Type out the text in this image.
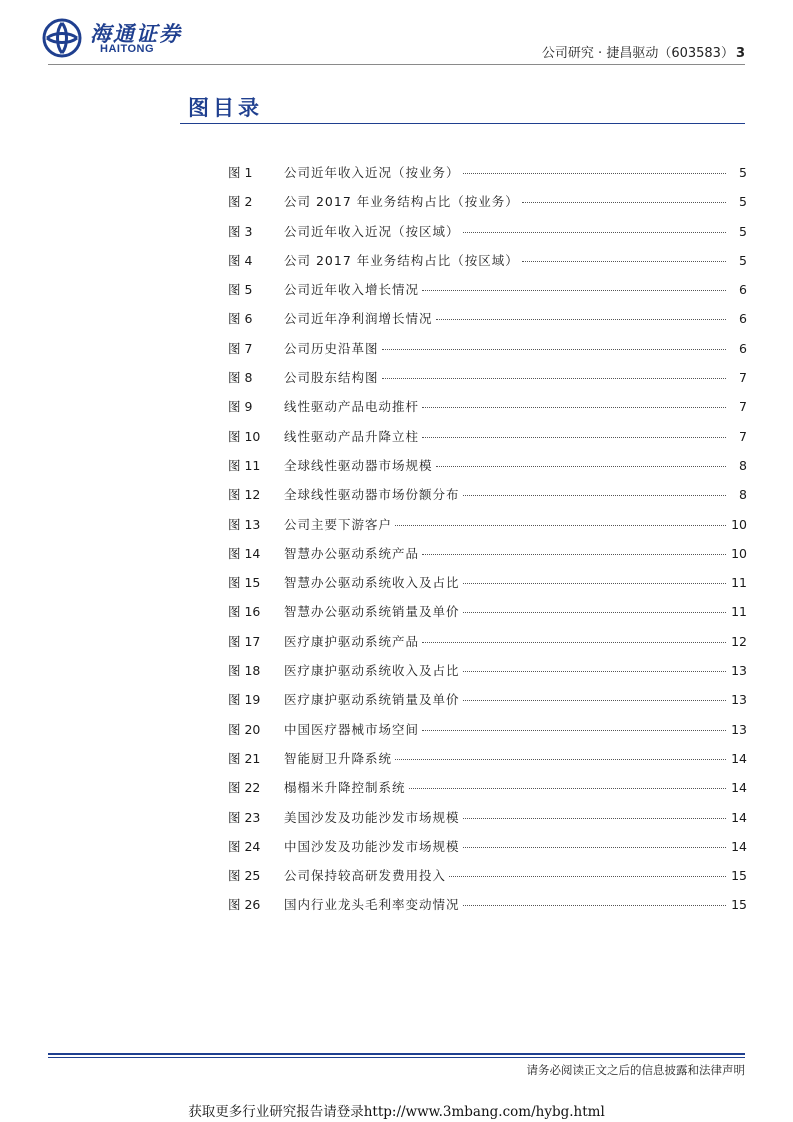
海通证券
HAITONG	公司研究 · 捷昌驱动（603583） 3
图目录
图 1	公司近年收入近况（按业务）	5
图 2	公司 2017 年业务结构占比（按业务）	5
图 3	公司近年收入近况（按区域）	5
图 4	公司 2017 年业务结构占比（按区域）	5
图 5	公司近年收入增长情况	6
图 6	公司近年净利润增长情况	6
图 7	公司历史沿革图	6
图 8	公司股东结构图	7
图 9	线性驱动产品电动推杆	7
图 10	线性驱动产品升降立柱	7
图 11	全球线性驱动器市场规模	8
图 12	全球线性驱动器市场份额分布	8
图 13	公司主要下游客户	10
图 14	智慧办公驱动系统产品	10
图 15	智慧办公驱动系统收入及占比	11
图 16	智慧办公驱动系统销量及单价	11
图 17	医疗康护驱动系统产品	12
图 18	医疗康护驱动系统收入及占比	13
图 19	医疗康护驱动系统销量及单价	13
图 20	中国医疗器械市场空间	13
图 21	智能厨卫升降系统	14
图 22	榻榻米升降控制系统	14
图 23	美国沙发及功能沙发市场规模	14
图 24	中国沙发及功能沙发市场规模	14
图 25	公司保持较高研发费用投入	15
图 26	国内行业龙头毛利率变动情况	15
请务必阅读正文之后的信息披露和法律声明
获取更多行业研究报告请登录http://www.3mbang.com/hybg.html
